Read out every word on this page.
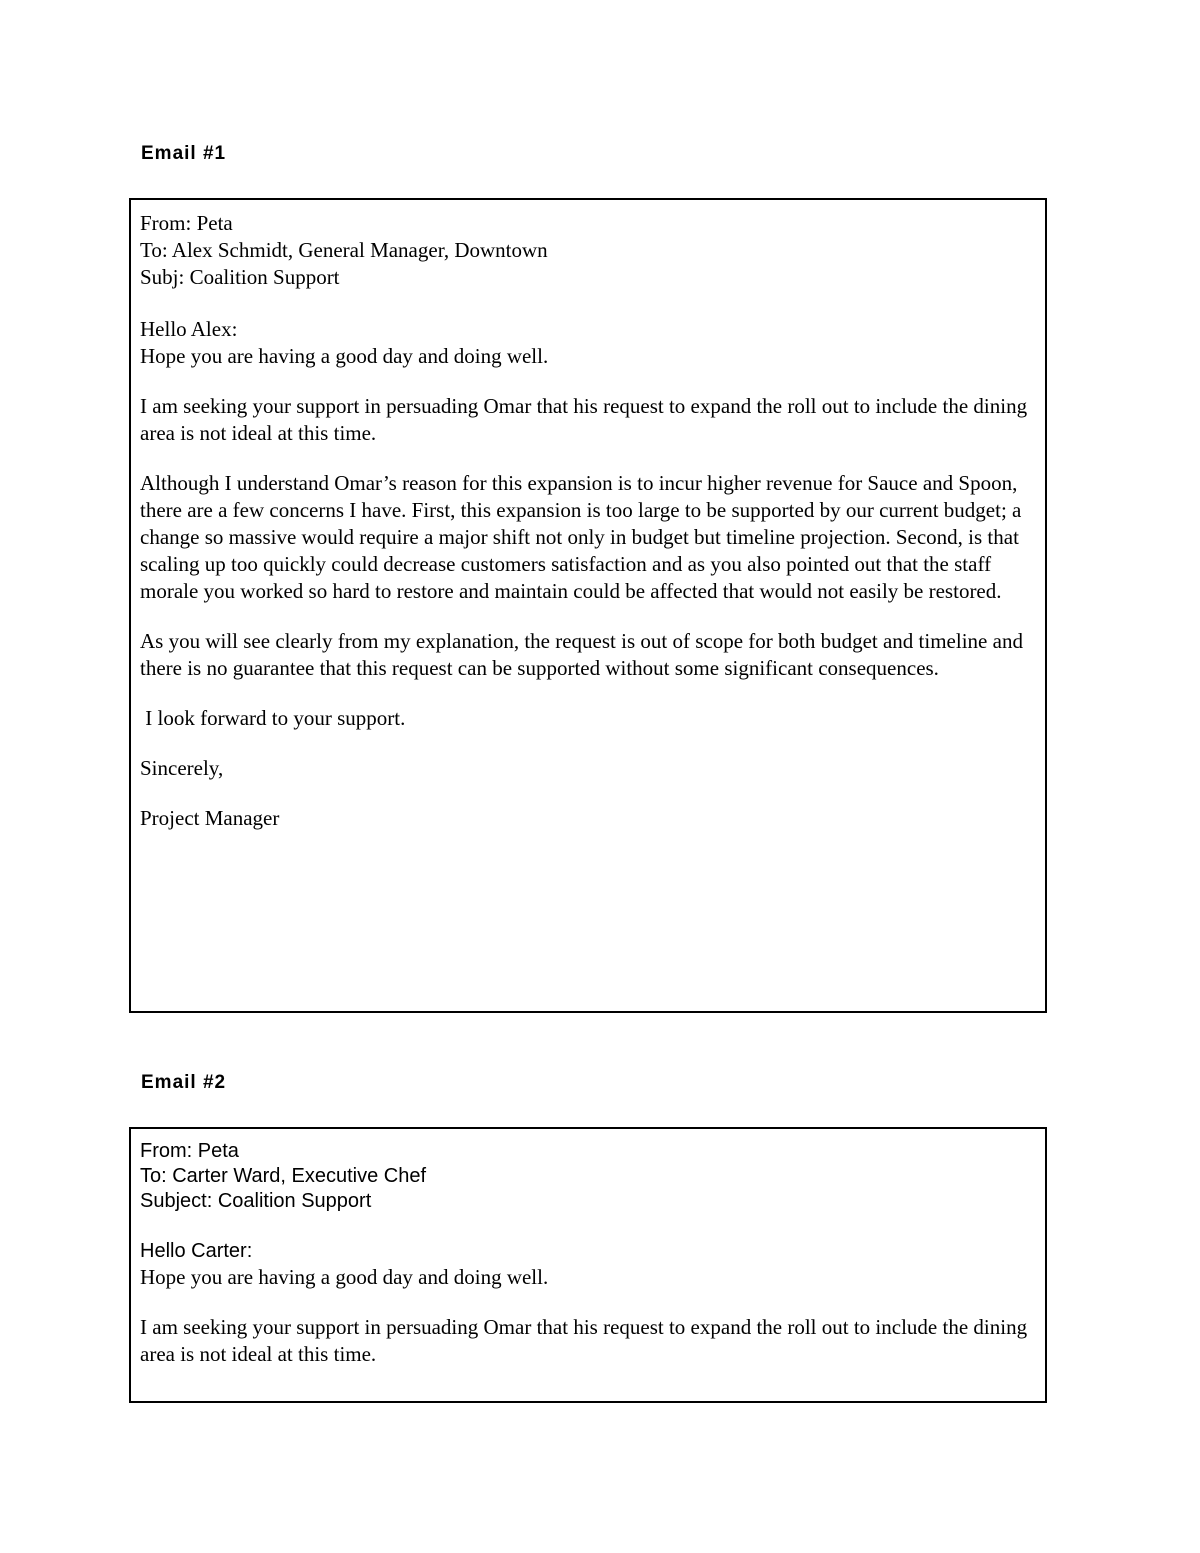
Email #1
From: Peta
To: Alex Schmidt, General Manager, Downtown
Subj: Coalition Support
Hello Alex:
Hope you are having a good day and doing well.

I am seeking your support in persuading Omar that his request to expand the roll out to include the dining area is not ideal at this time.

Although I understand Omar’s reason for this expansion is to incur higher revenue for Sauce and Spoon, there are a few concerns I have. First, this expansion is too large to be supported by our current budget; a change so massive would require a major shift not only in budget but timeline projection. Second, is that scaling up too quickly could decrease customers satisfaction and as you also pointed out that the staff morale you worked so hard to restore and maintain could be affected that would not easily be restored.

As you will see clearly from my explanation, the request is out of scope for both budget and timeline and there is no guarantee that this request can be supported without some significant consequences.

I look forward to your support.

Sincerely,

Project Manager

Email #2
From: Peta
To: Carter Ward, Executive Chef
Subject: Coalition Support
Hello Carter:
Hope you are having a good day and doing well.

I am seeking your support in persuading Omar that his request to expand the roll out to include the dining area is not ideal at this time.
